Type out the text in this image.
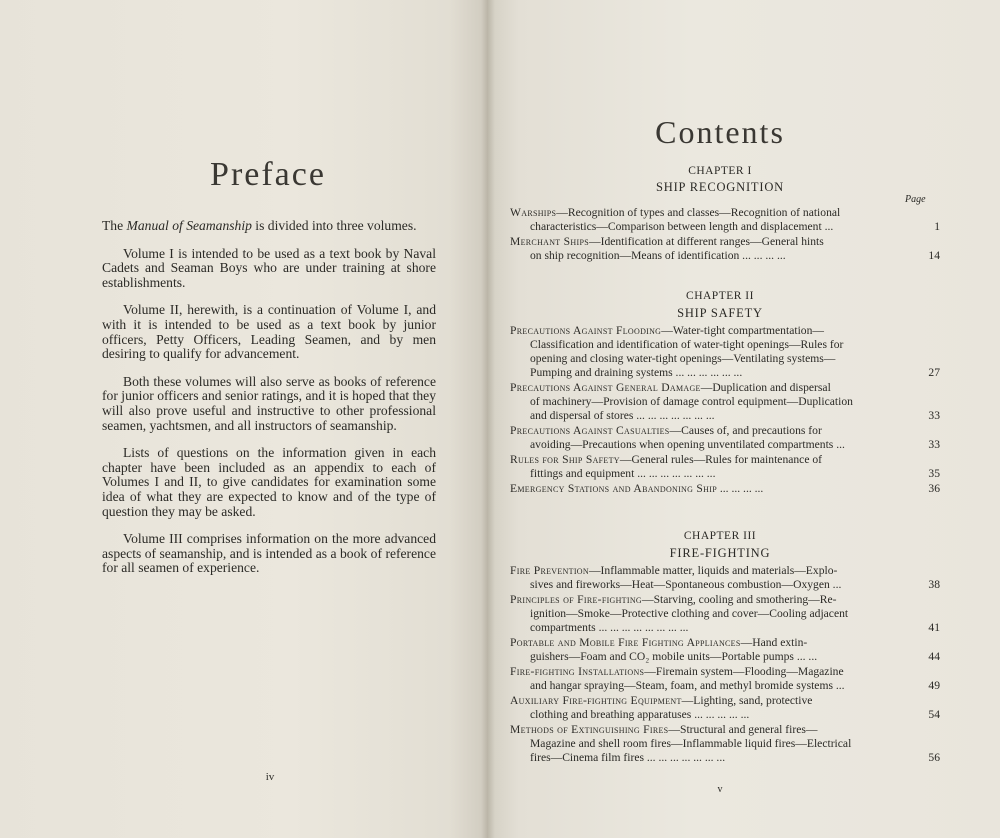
Preface

The Manual of Seamanship is divided into three volumes.

Volume I is intended to be used as a text book by Naval Cadets and Seaman Boys who are under training at shore establishments.

Volume II, herewith, is a continuation of Volume I, and with it is intended to be used as a text book by junior officers, Petty Officers, Leading Seamen, and by men desiring to qualify for advancement.

Both these volumes will also serve as books of reference for junior officers and senior ratings, and it is hoped that they will also prove useful and instructive to other professional seamen, yachtsmen, and all instructors of seamanship.

Lists of questions on the information given in each chapter have been included as an appendix to each of Volumes I and II, to give candidates for examination some idea of what they are expected to know and of the type of question they may be asked.

Volume III comprises information on the more advanced aspects of seamanship, and is intended as a book of reference for all seamen of experience.

iv
Contents
CHAPTER I
SHIP RECOGNITION
Page
Warships—Recognition of types and classes—Recognition of national
characteristics—Comparison between length and displacement ...	1
Merchant Ships—Identification at different ranges—General hints
on ship recognition—Means of identification ... ... ... ...	14
CHAPTER II
SHIP SAFETY
Precautions Against Flooding—Water-tight compartmentation—
Classification and identification of water-tight openings—Rules for
opening and closing water-tight openings—Ventilating systems—
Pumping and draining systems ... ... ... ... ... ...	27
Precautions Against General Damage—Duplication and dispersal
of machinery—Provision of damage control equipment—Duplication
and dispersal of stores ... ... ... ... ... ... ...	33
Precautions Against Casualties—Causes of, and precautions for
avoiding—Precautions when opening unventilated compartments ...	33
Rules for Ship Safety—General rules—Rules for maintenance of
fittings and equipment ... ... ... ... ... ... ...	35
Emergency Stations and Abandoning Ship ... ... ... ...	36
CHAPTER III
FIRE-FIGHTING
Fire Prevention—Inflammable matter, liquids and materials—Explo-
sives and fireworks—Heat—Spontaneous combustion—Oxygen ...	38
Principles of Fire-fighting—Starving, cooling and smothering—Re-
ignition—Smoke—Protective clothing and cover—Cooling adjacent
compartments ... ... ... ... ... ... ... ...	41
Portable and Mobile Fire Fighting Appliances—Hand extin-
guishers—Foam and CO₂ mobile units—Portable pumps ... ...	44
Fire-fighting Installations—Firemain system—Flooding—Magazine
and hangar spraying—Steam, foam, and methyl bromide systems ...	49
Auxiliary Fire-fighting Equipment—Lighting, sand, protective
clothing and breathing apparatuses ... ... ... ... ...	54
Methods of Extinguishing Fires—Structural and general fires—
Magazine and shell room fires—Inflammable liquid fires—Electrical
fires—Cinema film fires ... ... ... ... ... ... ...	56
v
